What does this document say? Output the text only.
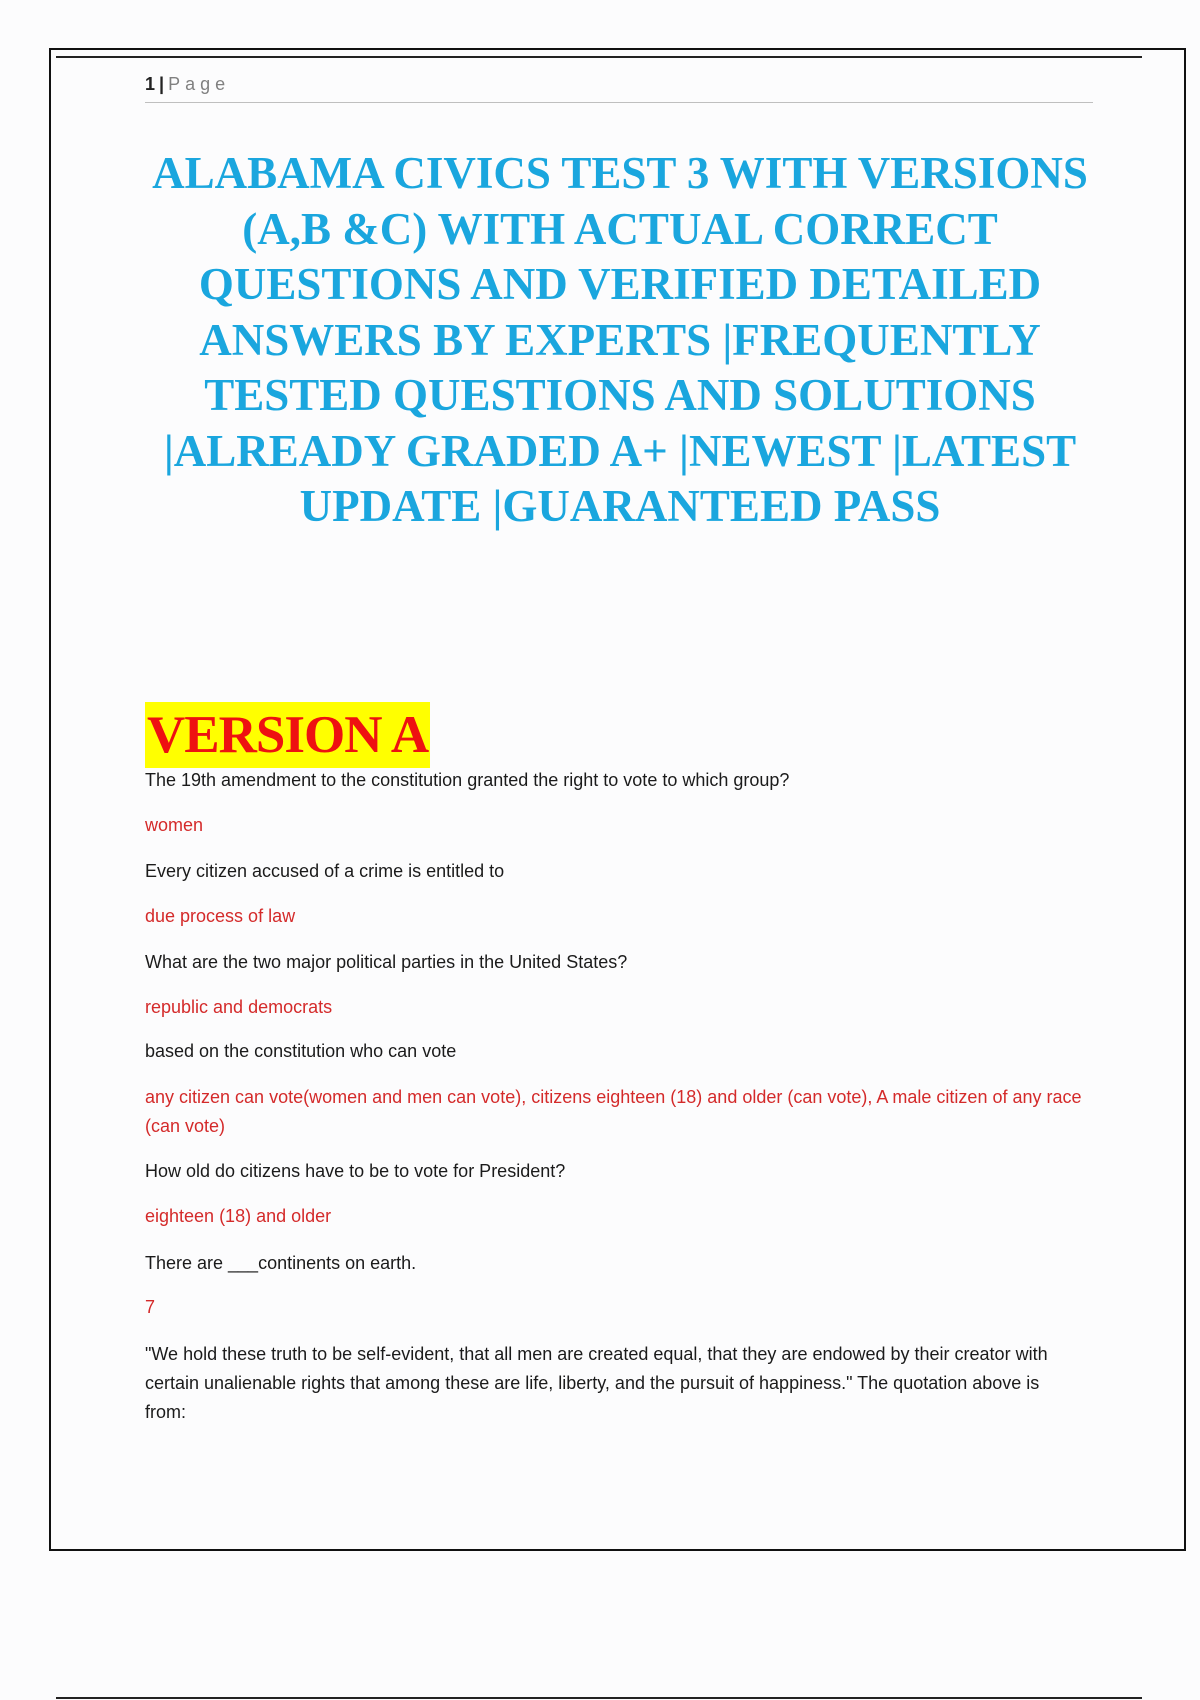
1 | Page
ALABAMA CIVICS TEST 3 WITH VERSIONS (A,B &C) WITH ACTUAL CORRECT QUESTIONS AND VERIFIED DETAILED ANSWERS BY EXPERTS |FREQUENTLY TESTED QUESTIONS AND SOLUTIONS |ALREADY GRADED A+ |NEWEST |LATEST UPDATE |GUARANTEED PASS
VERSION A

The 19th amendment to the constitution granted the right to vote to which group?

women

Every citizen accused of a crime is entitled to

due process of law

What are the two major political parties in the United States?

republic and democrats

based on the constitution who can vote

any citizen can vote(women and men can vote), citizens eighteen (18) and older (can vote), A male citizen of any race (can vote)

How old do citizens have to be to vote for President?

eighteen (18) and older

There are ___continents on earth.

7

"We hold these truth to be self-evident, that all men are created equal, that they are endowed by their creator with certain unalienable rights that among these are life, liberty, and the pursuit of happiness." The quotation above is from:
